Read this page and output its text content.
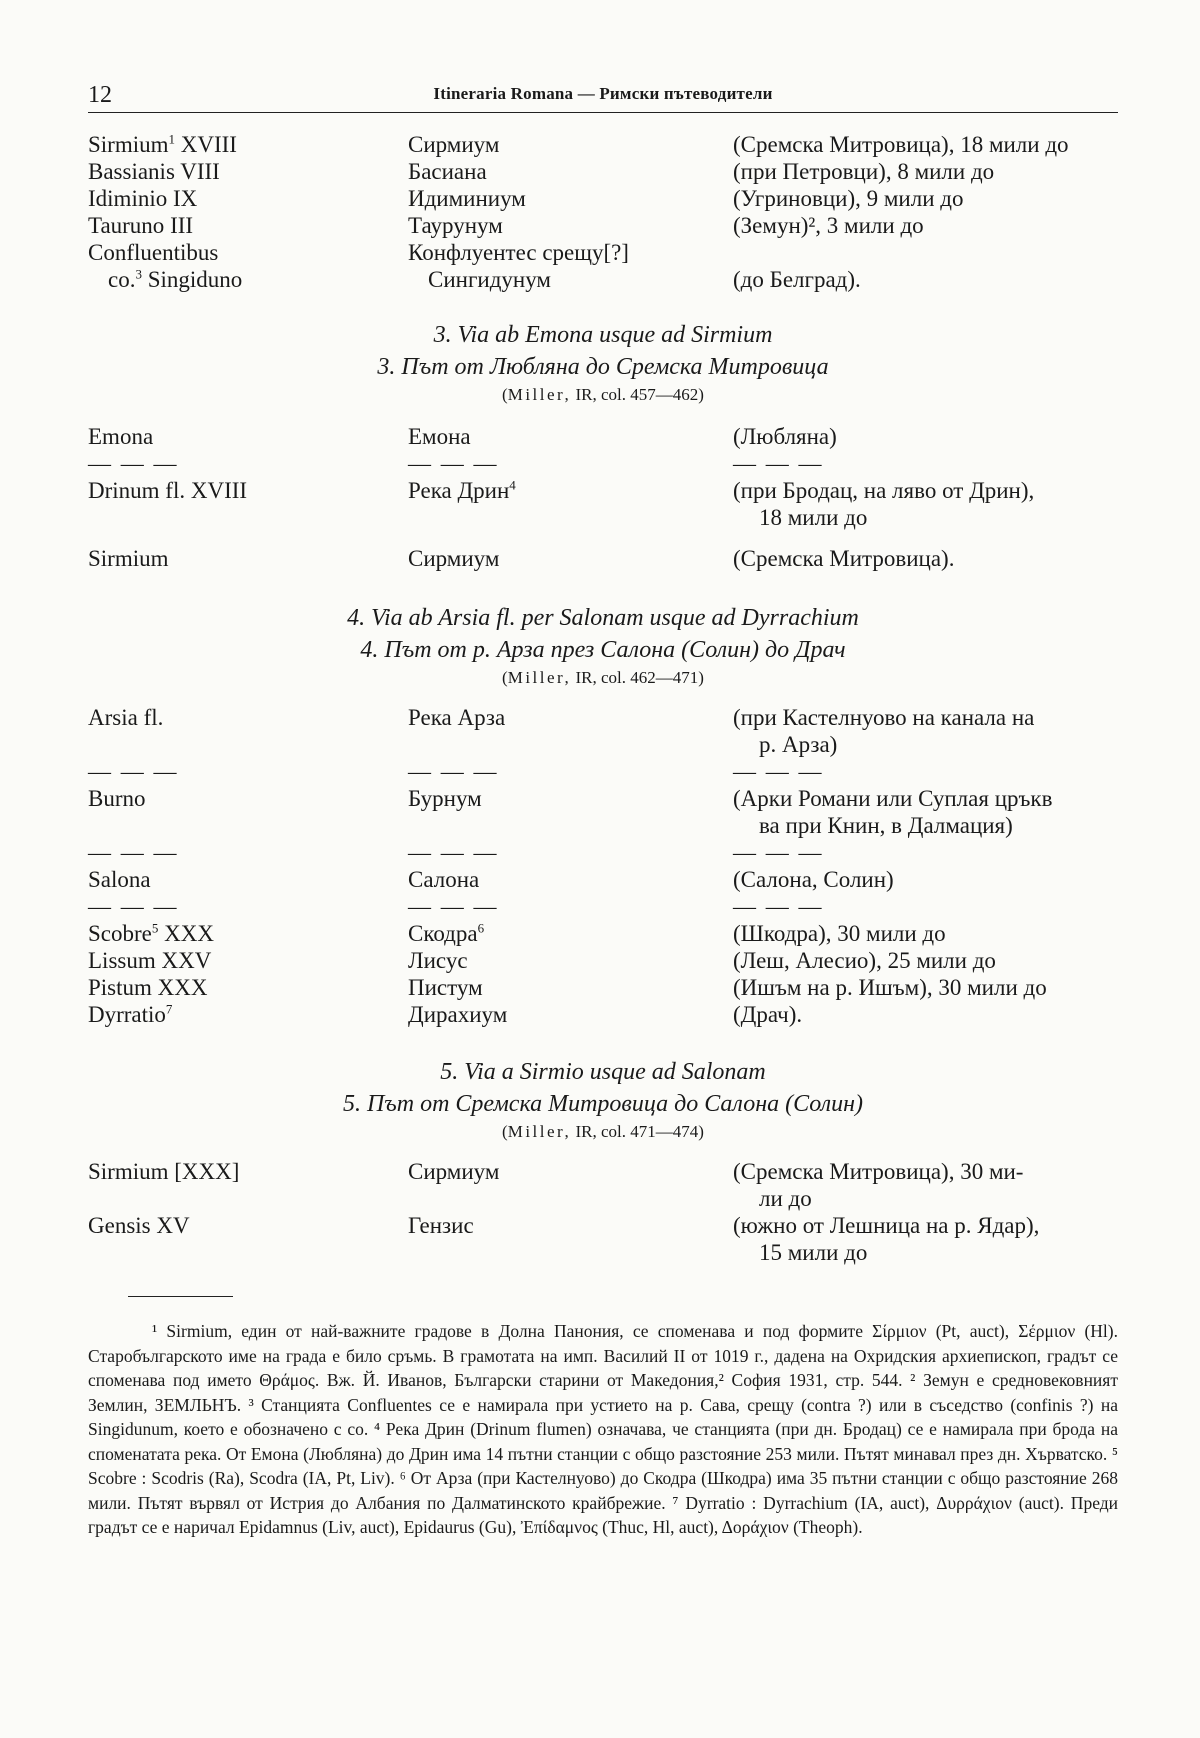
12	Itineraria Romana — Римски пътеводители
Sirmium$^1$ XVIII	Сирмиум	(Сремска Митровица), 18 мили до
Bassianis VIII	Басиана	(при Петровци), 8 мили до
Idiminio IX	Идиминиум	(Угриновци), 9 мили до
Tauruno III	Таурунум	(Земун)², 3 мили до
Confluentibus	Конфлуентес срещу[?]
co.$^3$ Singiduno	Сингидунум	(до Белград).
3. Via ab Emona usque ad Sirmium
3. Път от Любляна до Сремска Митровица
(Miller, IR, col. 457—462)
Emona	Емона	(Любляна)
— — —	— — —	— — —
Drinum fl. XVIII	Река Дрин$^4$	(при Бродац, на ляво от Дрин),
18 мили до
Sirmium	Сирмиум	(Сремска Митровица).
4. Via ab Arsia fl. per Salonam usque ad Dyrrachium
4. Път от р. Арза през Салона (Солин) до Драч
(Miller, IR, col. 462—471)
Arsia fl.	Река Арза	(при Кастелнуово на канала на
р. Арза)
— — —	— — —	— — —
Burno	Бурнум	(Арки Романи или Суплая цръкв
ва при Книн, в Далмация)
— — —	— — —	— — —
Salona	Салона	(Салона, Солин)
— — —	— — —	— — —
Scobre$^5$ XXX	Скодра$^6$	(Шкодра), 30 мили до
Lissum XXV	Лисус	(Леш, Алесио), 25 мили до
Pistum XXX	Пистум	(Ишъм на р. Ишъм), 30 мили до
Dyrratio$^7$	Дирахиум	(Драч).
5. Via a Sirmio usque ad Salonam
5. Път от Сремска Митровица до Салона (Солин)
(Miller, IR, col. 471—474)
Sirmium [XXX]	Сирмиум	(Сремска Митровица), 30 ми-
ли до
Gensis XV	Гензис	(южно от Лешница на р. Ядар),
15 мили до

¹ Sirmium, един от най-важните градове в Долна Панония, се споменава и под формите Σίρμιον (Pt, auct), Σέρμιον (Hl). Старобългарското име на града е било сръмь. В грамотата на имп. Василий II от 1019 г., дадена на Охридския архиепископ, градът се споменава под името Θράμος. Вж. Й. Иванов, Български старини от Македония,² София 1931, стр. 544. ² Земун е средновековният Землин, ЗЕМЛЬНЪ. ³ Станцията Confluentes се е намирала при устието на р. Сава, срещу (contra ?) или в съседство (confinis ?) на Singidunum, което е обозначено с co. ⁴ Река Дрин (Drinum flumen) означава, че станцията (при дн. Бродац) се е намирала при брода на споменатата река. От Емона (Любляна) до Дрин има 14 пътни станции с общо разстояние 253 мили. Пътят минавал през дн. Хърватско. ⁵ Scobre : Scodris (Ra), Scodra (IA, Pt, Liv). ⁶ От Арза (при Кастелнуово) до Скодра (Шкодра) има 35 пътни станции с общо разстояние 268 мили. Пътят вървял от Истрия до Албания по Далматинското крайбрежие. ⁷ Dyrratio : Dyrrachium (IA, auct), Δυρράχιον (auct). Преди градът се е наричал Epidamnus (Liv, auct), Epidaurus (Gu), Ἐπίδαμνος (Thuc, Hl, auct), Δοράχιον (Theoph).
